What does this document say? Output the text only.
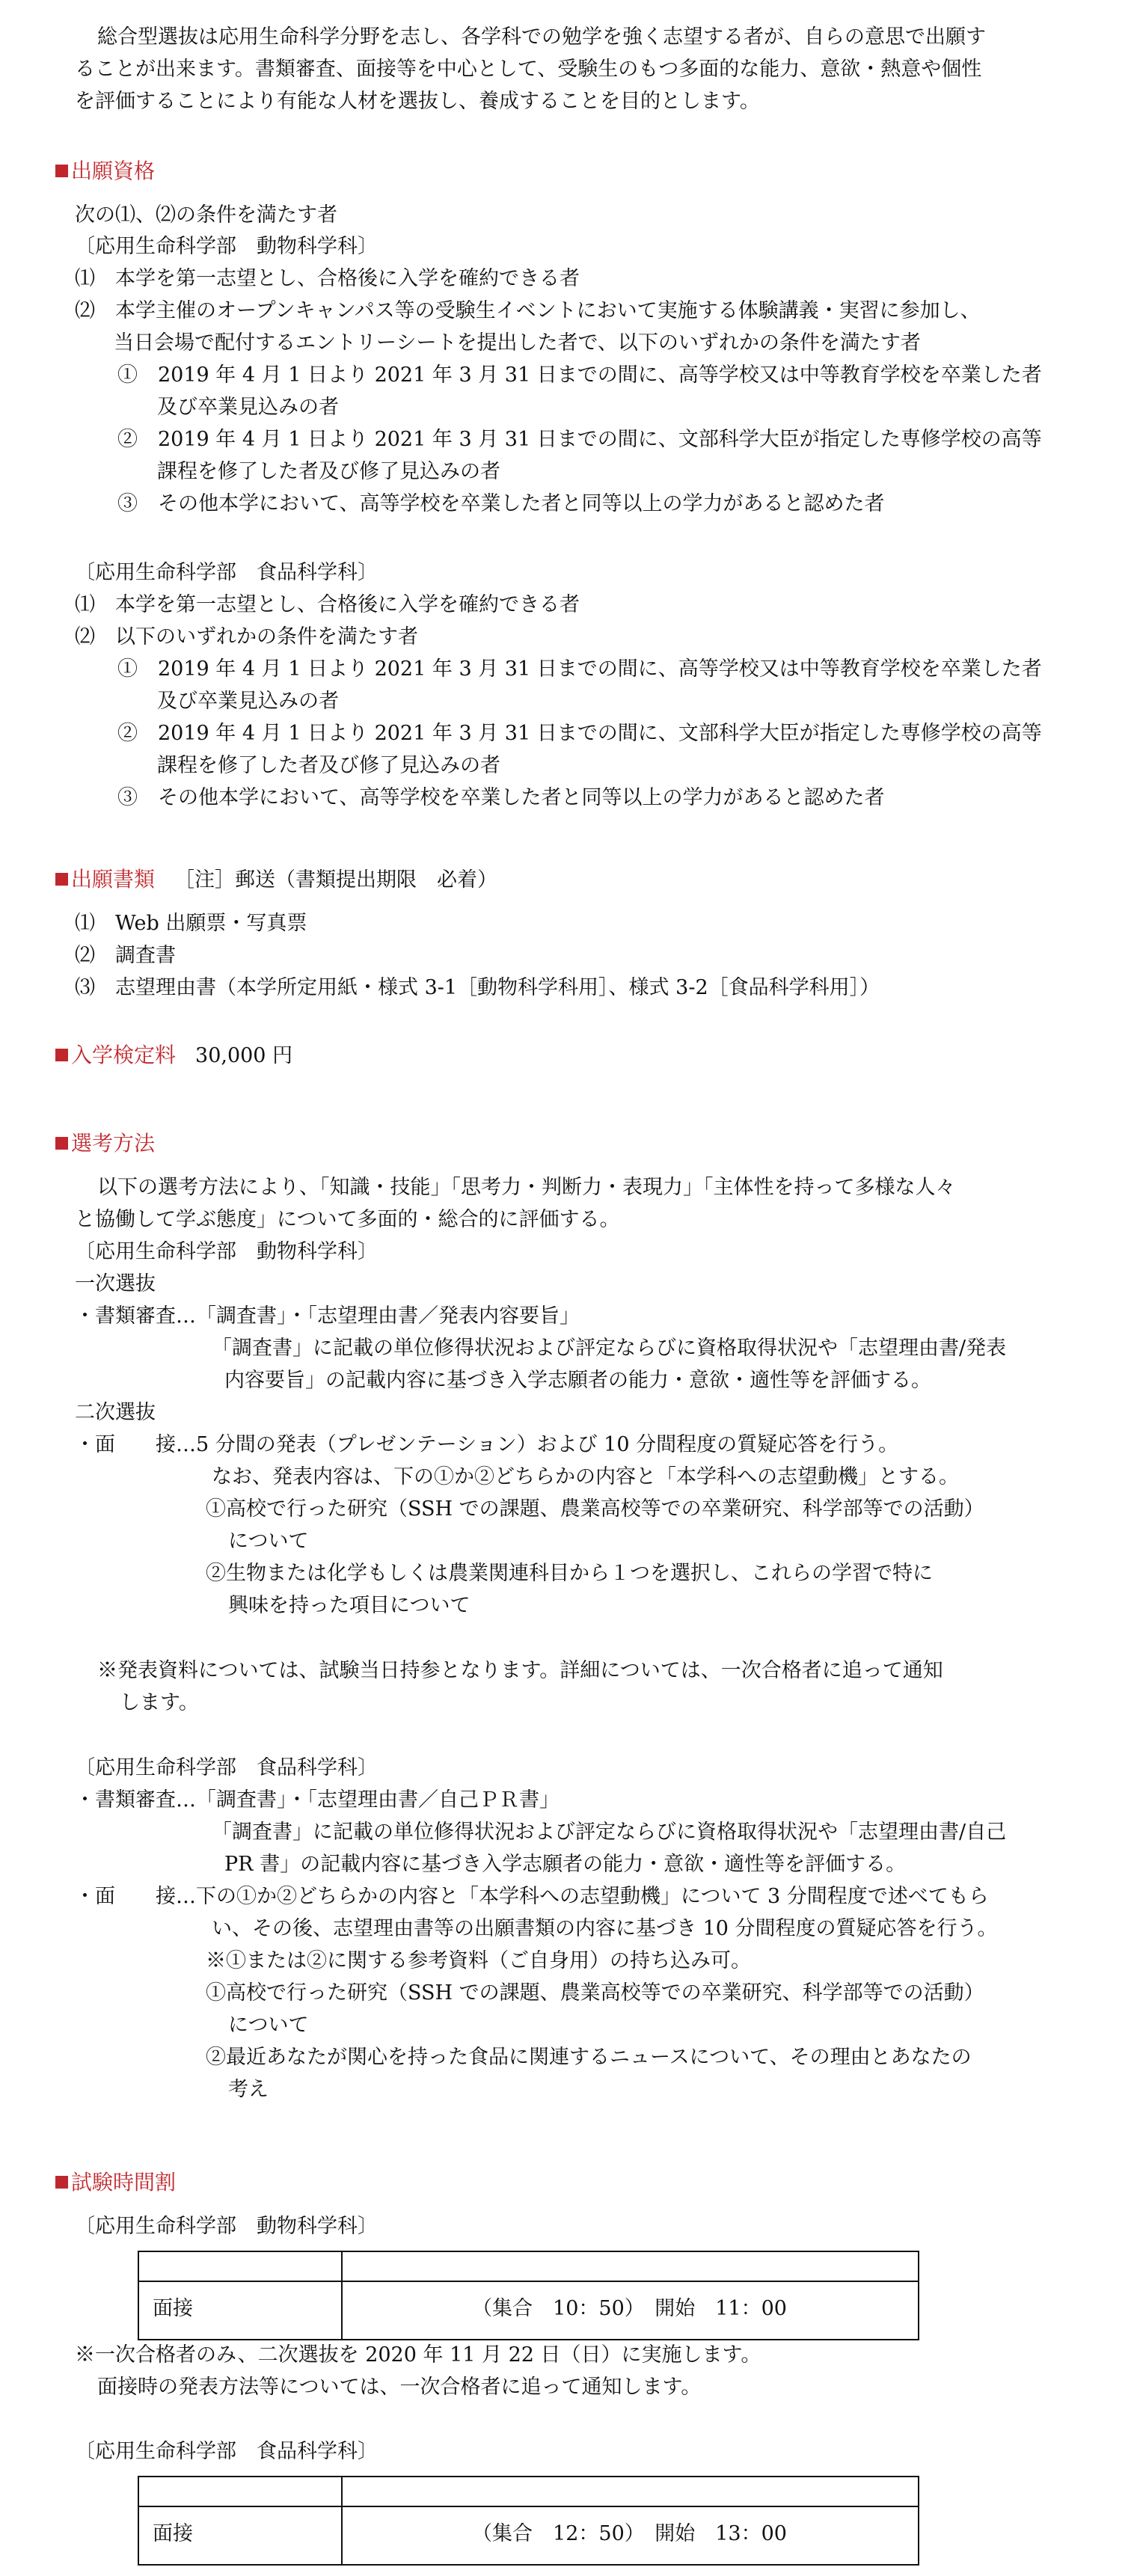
総合型選抜は応用生命科学分野を志し、各学科での勉学を強く志望する者が、自らの意思で出願す
ることが出来ます。書類審査、面接等を中心として、受験生のもつ多面的な能力、意欲・熱意や個性
を評価することにより有能な人材を選抜し、養成することを目的とします。
出願資格
次の⑴、⑵の条件を満たす者
〔応用生命科学部　動物科学科〕
⑴　本学を第一志望とし、合格後に入学を確約できる者
⑵　本学主催のオープンキャンパス等の受験生イベントにおいて実施する体験講義・実習に参加し、
当日会場で配付するエントリーシートを提出した者で、以下のいずれかの条件を満たす者
①　2019 年 4 月 1 日より 2021 年 3 月 31 日までの間に、高等学校又は中等教育学校を卒業した者
及び卒業見込みの者
②　2019 年 4 月 1 日より 2021 年 3 月 31 日までの間に、文部科学大臣が指定した専修学校の高等
課程を修了した者及び修了見込みの者
③　その他本学において、高等学校を卒業した者と同等以上の学力があると認めた者
〔応用生命科学部　食品科学科〕
⑴　本学を第一志望とし、合格後に入学を確約できる者
⑵　以下のいずれかの条件を満たす者
①　2019 年 4 月 1 日より 2021 年 3 月 31 日までの間に、高等学校又は中等教育学校を卒業した者
及び卒業見込みの者
②　2019 年 4 月 1 日より 2021 年 3 月 31 日までの間に、文部科学大臣が指定した専修学校の高等
課程を修了した者及び修了見込みの者
③　その他本学において、高等学校を卒業した者と同等以上の学力があると認めた者
出願書類 ［注］郵送（書類提出期限　必着）
⑴　Web 出願票・写真票
⑵　調査書
⑶　志望理由書（本学所定用紙・様式 3-1［動物科学科用］、様式 3-2［食品科学科用］）
入学検定料 30,000 円
選考方法
以下の選考方法により、「知識・技能」「思考力・判断力・表現力」「主体性を持って多様な人々
と協働して学ぶ態度」について多面的・総合的に評価する。
〔応用生命科学部　動物科学科〕
一次選抜
・書類審査…「調査書」・「志望理由書／発表内容要旨」
「調査書」に記載の単位修得状況および評定ならびに資格取得状況や「志望理由書/発表
内容要旨」の記載内容に基づき入学志願者の能力・意欲・適性等を評価する。
二次選抜
・面　　接…5 分間の発表（プレゼンテーション）および 10 分間程度の質疑応答を行う。
なお、発表内容は、下の①か②どちらかの内容と「本学科への志望動機」とする。
①高校で行った研究（SSH での課題、農業高校等での卒業研究、科学部等での活動）
について
②生物または化学もしくは農業関連科目から１つを選択し、これらの学習で特に
興味を持った項目について
※発表資料については、試験当日持参となります。詳細については、一次合格者に追って通知
します。
〔応用生命科学部　食品科学科〕
・書類審査…「調査書」・「志望理由書／自己ＰＲ書」
「調査書」に記載の単位修得状況および評定ならびに資格取得状況や「志望理由書/自己
PR 書」の記載内容に基づき入学志願者の能力・意欲・適性等を評価する。
・面　　接…下の①か②どちらかの内容と「本学科への志望動機」について 3 分間程度で述べてもら
い、その後、志望理由書等の出願書類の内容に基づき 10 分間程度の質疑応答を行う。
※①または②に関する参考資料（ご自身用）の持ち込み可。
①高校で行った研究（SSH での課題、農業高校等での卒業研究、科学部等での活動）
について
②最近あなたが関心を持った食品に関連するニュースについて、その理由とあなたの
考え
試験時間割
〔応用生命科学部　動物科学科〕
面接	（集合　10：50）　開始　11：00
※一次合格者のみ、二次選抜を 2020 年 11 月 22 日（日）に実施します。
面接時の発表方法等については、一次合格者に追って通知します。
〔応用生命科学部　食品科学科〕
面接	（集合　12：50）　開始　13：00
